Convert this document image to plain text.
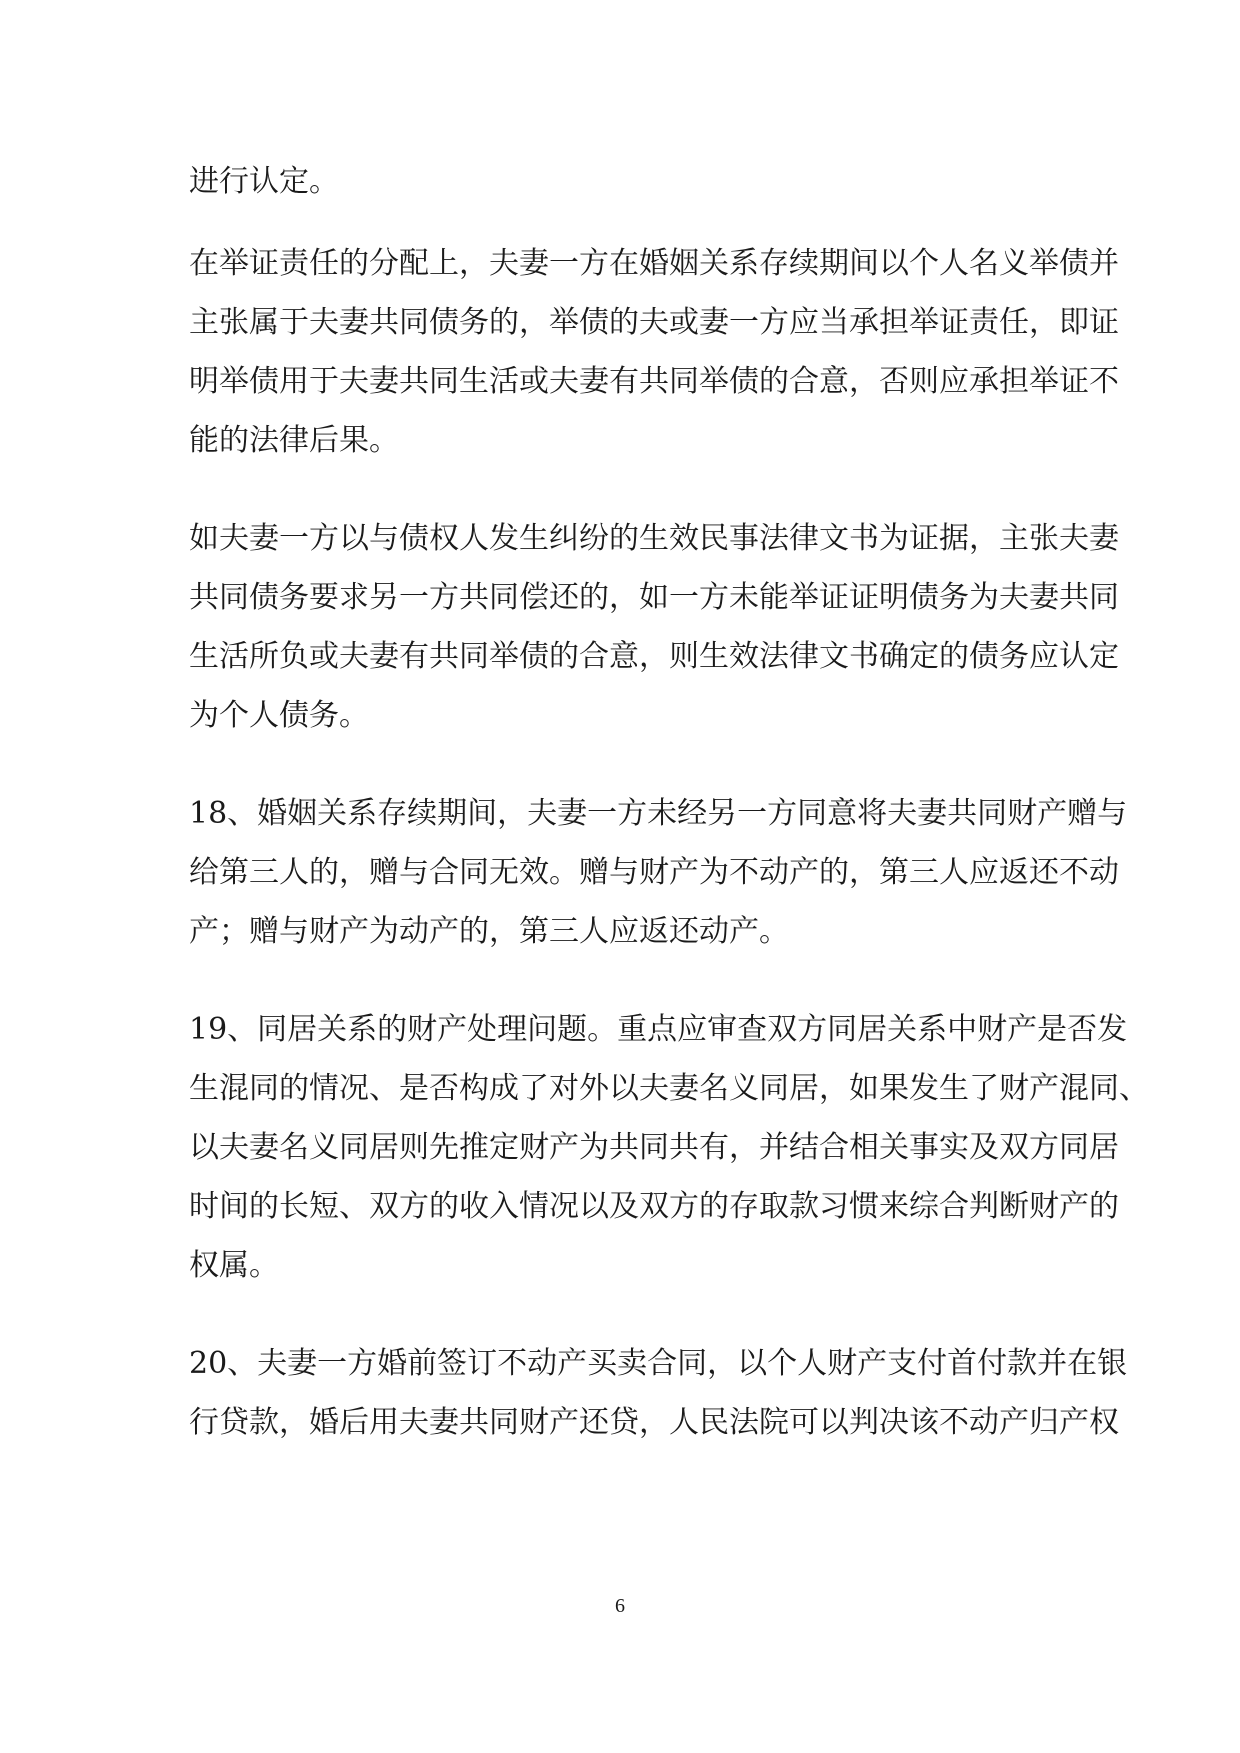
进行认定。
在举证责任的分配上，夫妻一方在婚姻关系存续期间以个人名义举债并
主张属于夫妻共同债务的，举债的夫或妻一方应当承担举证责任，即证
明举债用于夫妻共同生活或夫妻有共同举债的合意，否则应承担举证不
能的法律后果。
如夫妻一方以与债权人发生纠纷的生效民事法律文书为证据，主张夫妻
共同债务要求另一方共同偿还的，如一方未能举证证明债务为夫妻共同
生活所负或夫妻有共同举债的合意，则生效法律文书确定的债务应认定
为个人债务。
18、婚姻关系存续期间，夫妻一方未经另一方同意将夫妻共同财产赠与
给第三人的，赠与合同无效。赠与财产为不动产的，第三人应返还不动
产；赠与财产为动产的，第三人应返还动产。
19、同居关系的财产处理问题。重点应审查双方同居关系中财产是否发
生混同的情况、是否构成了对外以夫妻名义同居，如果发生了财产混同、
以夫妻名义同居则先推定财产为共同共有，并结合相关事实及双方同居
时间的长短、双方的收入情况以及双方的存取款习惯来综合判断财产的
权属。
20、夫妻一方婚前签订不动产买卖合同，以个人财产支付首付款并在银
行贷款，婚后用夫妻共同财产还贷，人民法院可以判决该不动产归产权
6
